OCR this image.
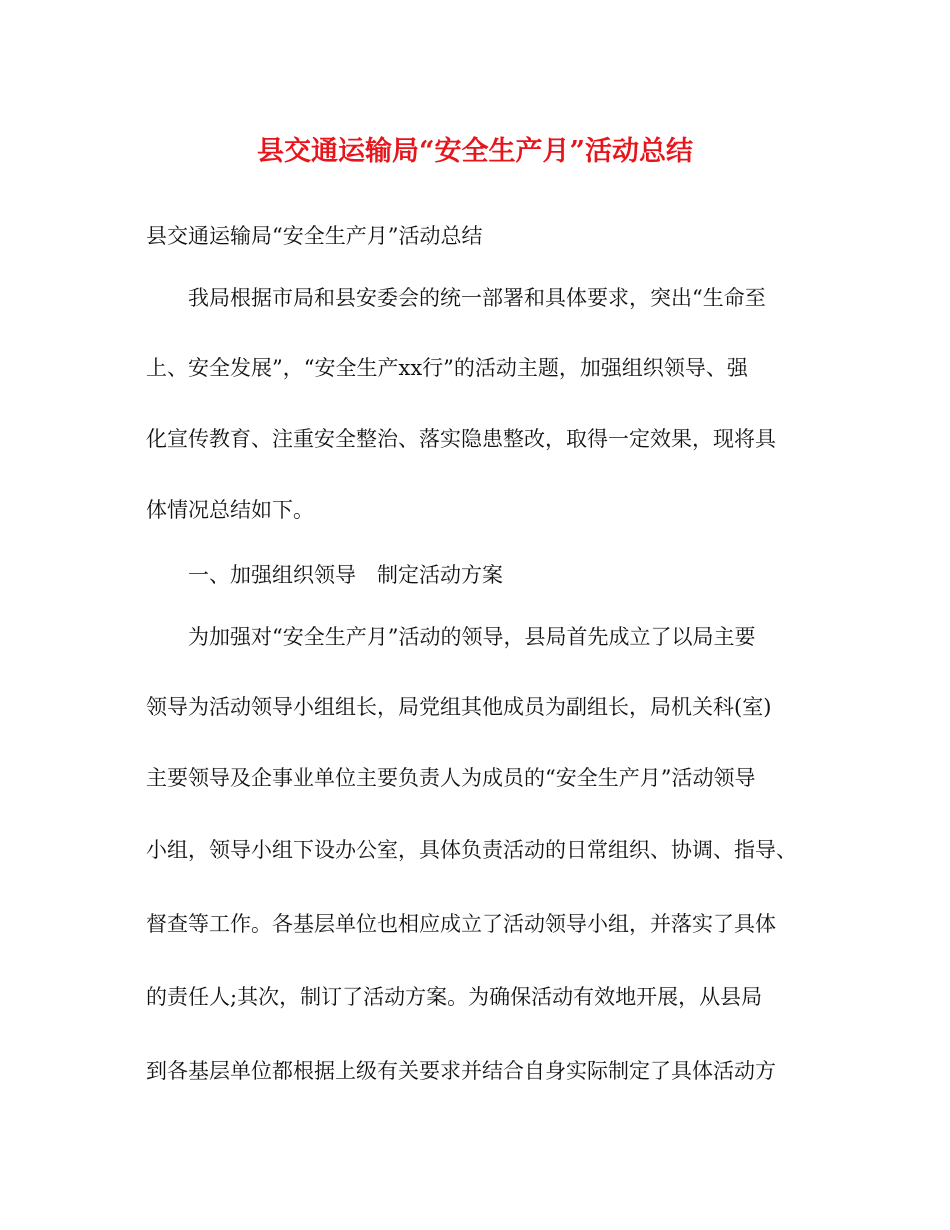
县交通运输局“安全生产月”活动总结
县交通运输局“安全生产月”活动总结
我局根据市局和县安委会的统一部署和具体要求，突出“生命至
上、安全发展”，“安全生产xx行”的活动主题，加强组织领导、强
化宣传教育、注重安全整治、落实隐患整改，取得一定效果，现将具
体情况总结如下。
一、加强组织领导　制定活动方案
为加强对“安全生产月”活动的领导，县局首先成立了以局主要
领导为活动领导小组组长，局党组其他成员为副组长，局机关科(室)
主要领导及企事业单位主要负责人为成员的“安全生产月”活动领导
小组，领导小组下设办公室，具体负责活动的日常组织、协调、指导、
督查等工作。各基层单位也相应成立了活动领导小组，并落实了具体
的责任人;其次，制订了活动方案。为确保活动有效地开展，从县局
到各基层单位都根据上级有关要求并结合自身实际制定了具体活动方
